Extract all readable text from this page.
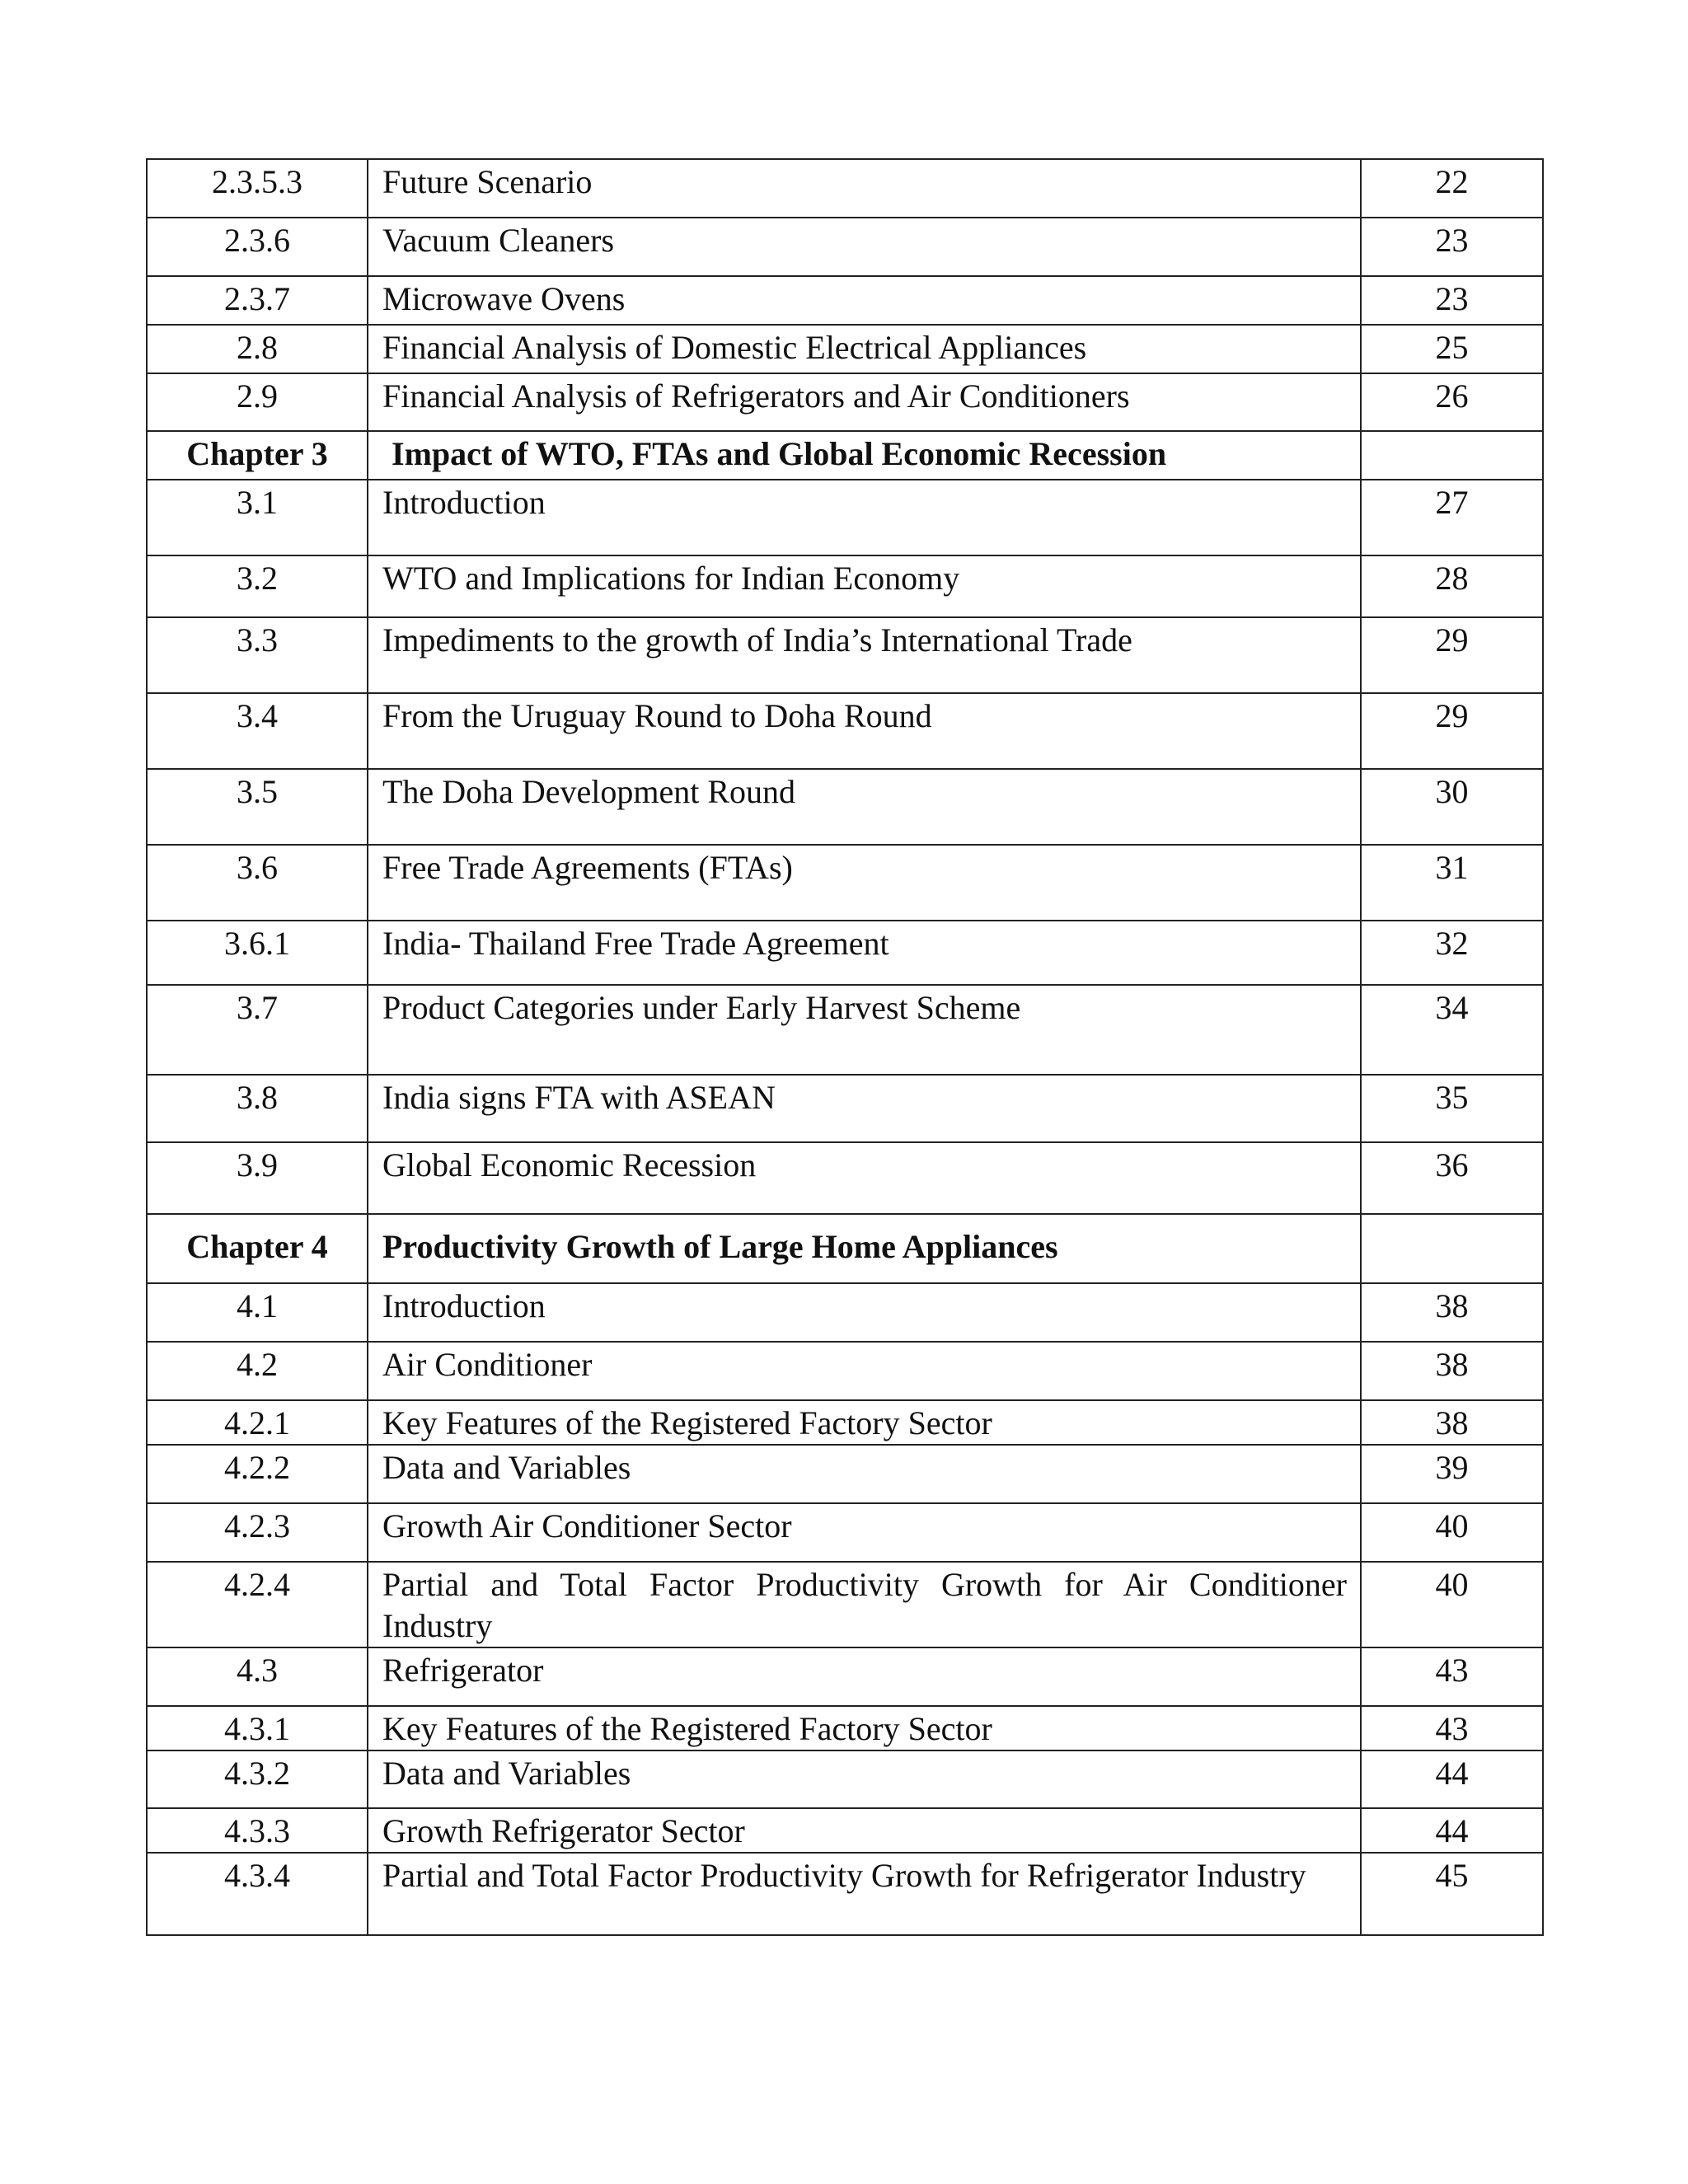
2.3.5.3	Future Scenario	22
2.3.6	Vacuum Cleaners	23
2.3.7	Microwave Ovens	23
2.8	Financial Analysis of Domestic Electrical Appliances	25
2.9	Financial Analysis of Refrigerators and Air Conditioners	26
Chapter 3	Impact of WTO, FTAs and Global Economic Recession	
3.1	Introduction	27
3.2	WTO and Implications for Indian Economy	28
3.3	Impediments to the growth of India’s International Trade	29
3.4	From the Uruguay Round to Doha Round	29
3.5	The Doha Development Round	30
3.6	Free Trade Agreements (FTAs)	31
3.6.1	India- Thailand Free Trade Agreement	32
3.7	Product Categories under Early Harvest Scheme	34
3.8	India signs FTA with ASEAN	35
3.9	Global Economic Recession	36
Chapter 4	Productivity Growth of Large Home Appliances	
4.1	Introduction	38
4.2	Air Conditioner	38
4.2.1	Key Features of the Registered Factory Sector	38
4.2.2	Data and Variables	39
4.2.3	Growth Air Conditioner Sector	40
4.2.4	Partial and Total Factor Productivity Growth for Air Conditioner Industry	40
4.3	Refrigerator	43
4.3.1	Key Features of the Registered Factory Sector	43
4.3.2	Data and Variables	44
4.3.3	Growth Refrigerator Sector	44
4.3.4	Partial and Total Factor Productivity Growth for Refrigerator Industry	45
